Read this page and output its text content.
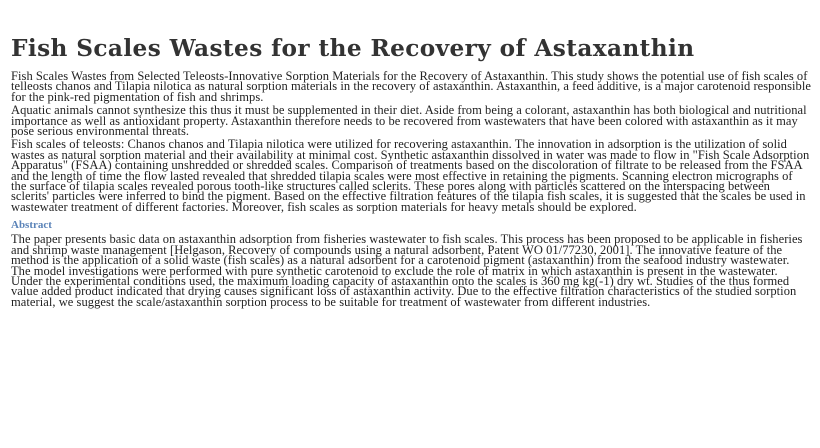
Fish Scales Wastes for the Recovery of Astaxanthin

Fish Scales Wastes from Selected Teleosts-Innovative Sorption Materials for the Recovery of Astaxanthin. This study shows the potential use of fish scales of telleosts chanos and Tilapia nilotica as natural sorption materials in the recovery of astaxanthin. Astaxanthin, a feed additive, is a major carotenoid responsible for the pink-red pigmentation of fish and shrimps.

Aquatic animals cannot synthesize this thus it must be supplemented in their diet. Aside from being a colorant, astaxanthin has both biological and nutritional importance as well as antioxidant property. Astaxanthin therefore needs to be recovered from wastewaters that have been colored with astaxanthin as it may pose serious environmental threats.

Fish scales of teleosts: Chanos chanos and Tilapia nilotica were utilized for recovering astaxanthin. The innovation in adsorption is the utilization of solid wastes as natural sorption material and their availability at minimal cost. Synthetic astaxanthin dissolved in water was made to flow in "Fish Scale Adsorption Apparatus" (FSAA) containing unshredded or shredded scales. Comparison of treatments based on the discoloration of filtrate to be released from the FSAA and the length of time the flow lasted revealed that shredded tilapia scales were most effective in retaining the pigments. Scanning electron micrographs of the surface of tilapia scales revealed porous tooth-like structures called sclerits. These pores along with particles scattered on the interspacing between sclerits' particles were inferred to bind the pigment. Based on the effective filtration features of the tilapia fish scales, it is suggested that the scales be used in wastewater treatment of different factories. Moreover, fish scales as sorption materials for heavy metals should be explored.

Abstract

The paper presents basic data on astaxanthin adsorption from fisheries wastewater to fish scales. This process has been proposed to be applicable in fisheries and shrimp waste management [Helgason, Recovery of compounds using a natural adsorbent, Patent WO 01/77230, 2001]. The innovative feature of the method is the application of a solid waste (fish scales) as a natural adsorbent for a carotenoid pigment (astaxanthin) from the seafood industry wastewater. The model investigations were performed with pure synthetic carotenoid to exclude the role of matrix in which astaxanthin is present in the wastewater. Under the experimental conditions used, the maximum loading capacity of astaxanthin onto the scales is 360 mg kg(-1) dry wt. Studies of the thus formed value added product indicated that drying causes significant loss of astaxanthin activity. Due to the effective filtration characteristics of the studied sorption material, we suggest the scale/astaxanthin sorption process to be suitable for treatment of wastewater from different industries.
